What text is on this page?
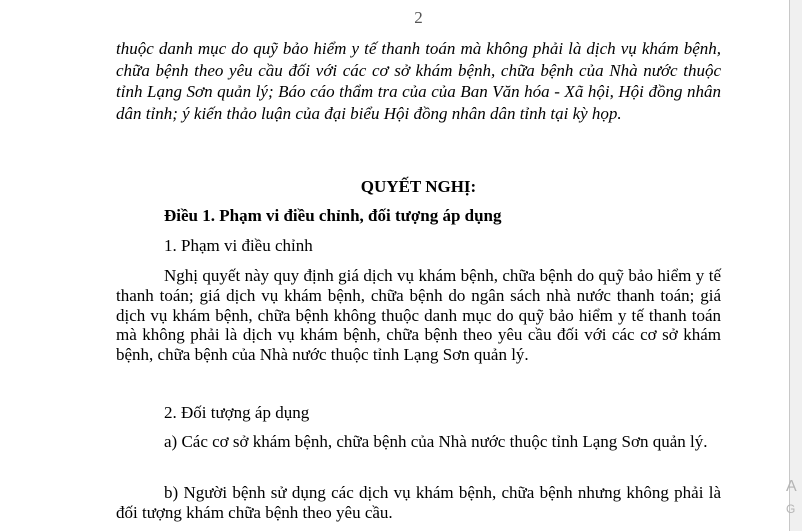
2
thuộc danh mục do quỹ bảo hiểm y tế thanh toán mà không phải là dịch vụ khám bệnh, chữa bệnh theo yêu cầu đối với các cơ sở khám bệnh, chữa bệnh của Nhà nước thuộc tỉnh Lạng Sơn quản lý; Báo cáo thẩm tra của của Ban Văn hóa - Xã hội, Hội đồng nhân dân tỉnh; ý kiến thảo luận của đại biểu Hội đồng nhân dân tỉnh tại kỳ họp.
QUYẾT NGHỊ:
Điều 1. Phạm vi điều chỉnh, đối tượng áp dụng
1. Phạm vi điều chỉnh
Nghị quyết này quy định giá dịch vụ khám bệnh, chữa bệnh do quỹ bảo hiểm y tế thanh toán; giá dịch vụ khám bệnh, chữa bệnh do ngân sách nhà nước thanh toán; giá dịch vụ khám bệnh, chữa bệnh không thuộc danh mục do quỹ bảo hiểm y tế thanh toán mà không phải là dịch vụ khám bệnh, chữa bệnh theo yêu cầu đối với các cơ sở khám bệnh, chữa bệnh của Nhà nước thuộc tỉnh Lạng Sơn quản lý.
2. Đối tượng áp dụng
a) Các cơ sở khám bệnh, chữa bệnh của Nhà nước thuộc tỉnh Lạng Sơn quản lý.
b) Người bệnh sử dụng các dịch vụ khám bệnh, chữa bệnh nhưng không phải là đối tượng khám chữa bệnh theo yêu cầu.
A
G
